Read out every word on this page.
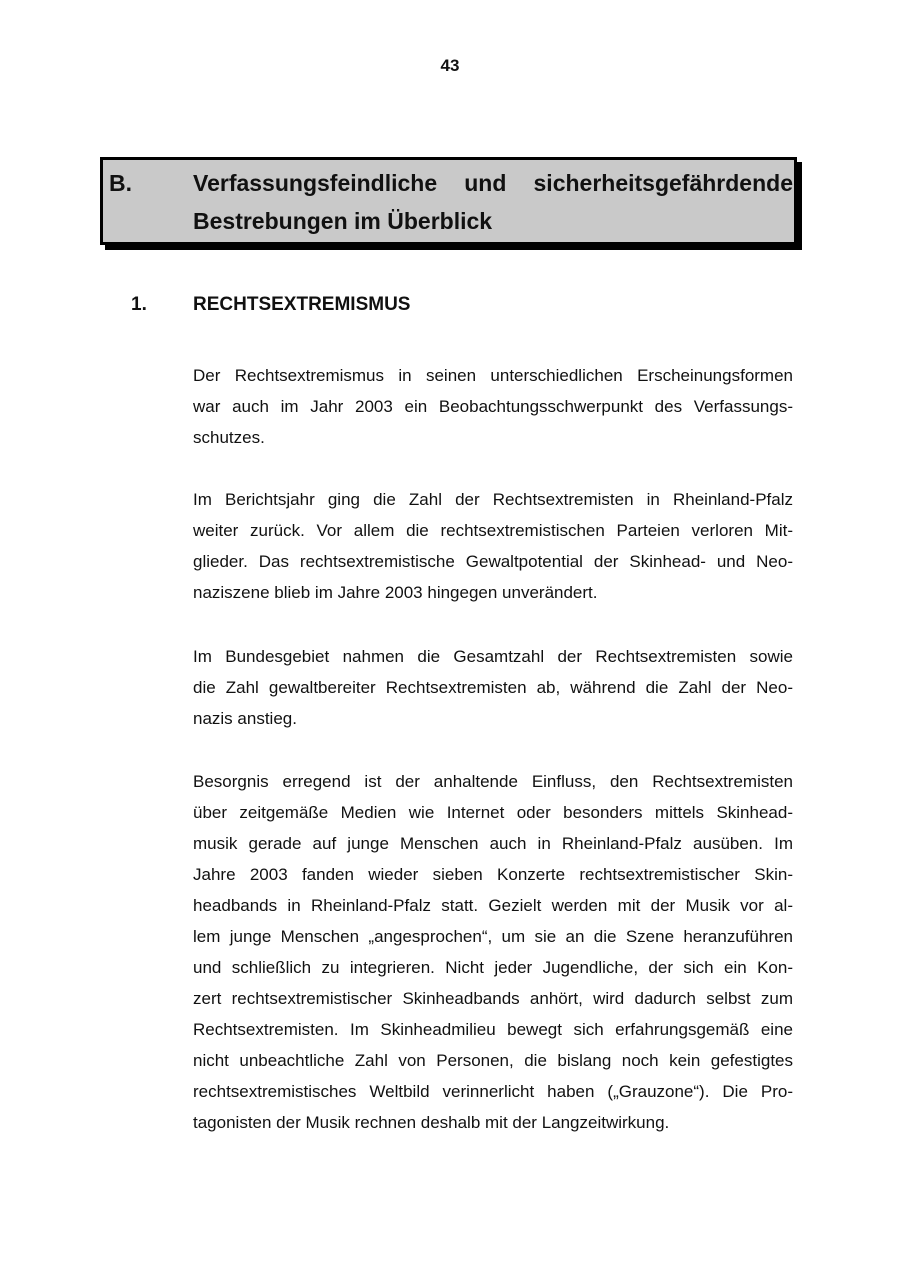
43
B.	Verfassungsfeindliche und sicherheitsgefährdende
Bestrebungen im Überblick
1. RECHTSEXTREMISMUS
Der Rechtsextremismus in seinen unterschiedlichen Erscheinungsformen
war auch im Jahr 2003 ein Beobachtungsschwerpunkt des Verfassungs-
schutzes.
Im Berichtsjahr ging die Zahl der Rechtsextremisten in Rheinland-Pfalz
weiter zurück. Vor allem die rechtsextremistischen Parteien verloren Mit-
glieder. Das rechtsextremistische Gewaltpotential der Skinhead- und Neo-
naziszene blieb im Jahre 2003 hingegen unverändert.
Im Bundesgebiet nahmen die Gesamtzahl der Rechtsextremisten sowie
die Zahl gewaltbereiter Rechtsextremisten ab, während die Zahl der Neo-
nazis anstieg.
Besorgnis erregend ist der anhaltende Einfluss, den Rechtsextremisten
über zeitgemäße Medien wie Internet oder besonders mittels Skinhead-
musik gerade auf junge Menschen auch in Rheinland-Pfalz ausüben. Im
Jahre 2003 fanden wieder sieben Konzerte rechtsextremistischer Skin-
headbands in Rheinland-Pfalz statt. Gezielt werden mit der Musik vor al-
lem junge Menschen „angesprochen“, um sie an die Szene heranzuführen
und schließlich zu integrieren. Nicht jeder Jugendliche, der sich ein Kon-
zert rechtsextremistischer Skinheadbands anhört, wird dadurch selbst zum
Rechtsextremisten. Im Skinheadmilieu bewegt sich erfahrungsgemäß eine
nicht unbeachtliche Zahl von Personen, die bislang noch kein gefestigtes
rechtsextremistisches Weltbild verinnerlicht haben („Grauzone“). Die Pro-
tagonisten der Musik rechnen deshalb mit der Langzeitwirkung.
